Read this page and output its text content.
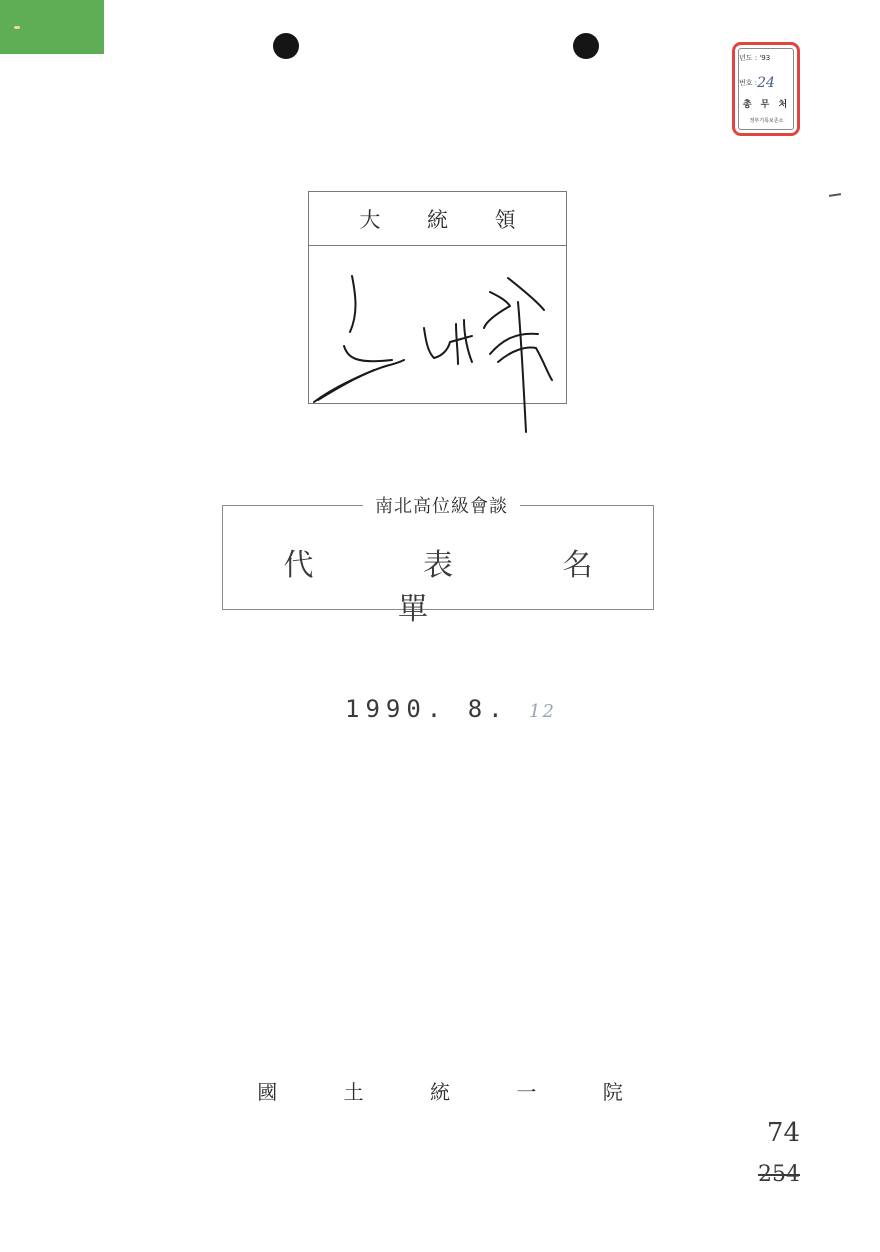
년도 : '93
번호 :24
총 무 처
정부기록보존소
大 統 領
南北高位級會談
代 表 名 單
1990. 8. 12
國 土 統 一 院
74
254
